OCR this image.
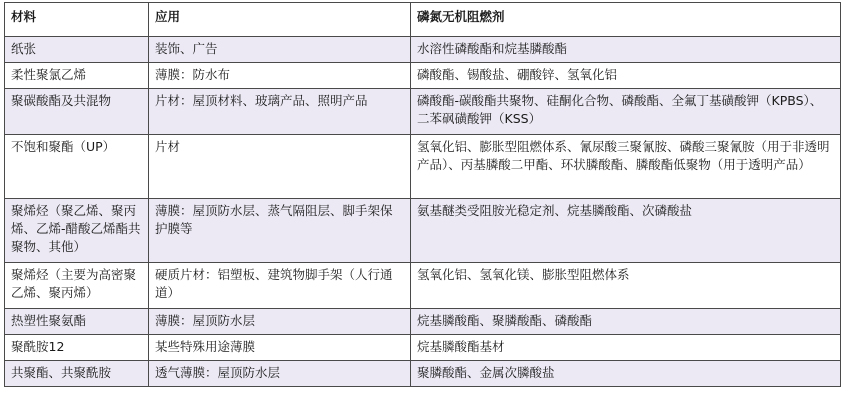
材料	应用	磷氮无机阻燃剂
纸张	装饰、广告	水溶性磷酸酯和烷基膦酸酯
柔性聚氯乙烯	薄膜：防水布	磷酸酯、锡酸盐、硼酸锌、氢氧化铝
聚碳酸酯及共混物	片材：屋顶材料、玻璃产品、照明产品	磷酸酯-碳酸酯共聚物、硅酮化合物、磷酸酯、全氟丁基磺酸钾（KPBS）、二苯砜磺酸钾（KSS）
不饱和聚酯（UP）	片材	氢氧化铝、膨胀型阻燃体系、氰尿酸三聚氰胺、磷酸三聚氰胺（用于非透明产品）、丙基膦酸二甲酯、环状膦酸酯、膦酸酯低聚物（用于透明产品）
聚烯烃（聚乙烯、聚丙烯、乙烯-醋酸乙烯酯共聚物、其他）	薄膜：屋顶防水层、蒸气隔阻层、脚手架保护膜等	氨基醚类受阻胺光稳定剂、烷基膦酸酯、次磷酸盐
聚烯烃（主要为高密聚乙烯、聚丙烯）	硬质片材：铝塑板、建筑物脚手架（人行通道）	氢氧化铝、氢氧化镁、膨胀型阻燃体系
热塑性聚氨酯	薄膜：屋顶防水层	烷基膦酸酯、聚膦酸酯、磷酸酯
聚酰胺12	某些特殊用途薄膜	烷基膦酸酯基材
共聚酯、共聚酰胺	透气薄膜：屋顶防水层	聚膦酸酯、金属次膦酸盐
